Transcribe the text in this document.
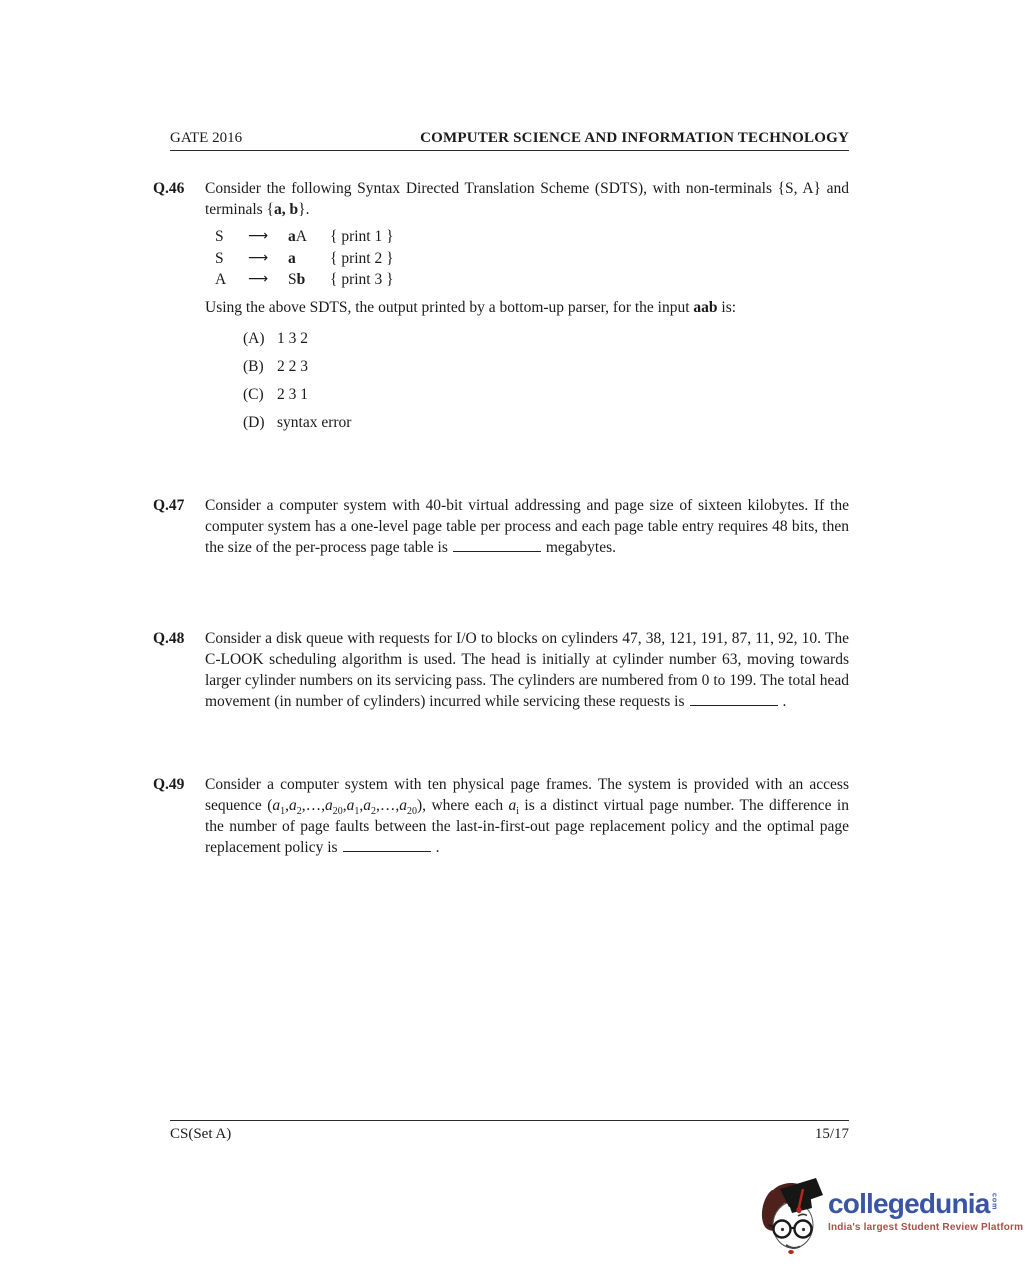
GATE 2016	COMPUTER SCIENCE AND INFORMATION TECHNOLOGY
Q.46	Consider the following Syntax Directed Translation Scheme (SDTS), with non-terminals {S, A} and terminals {a, b}.

S	⟶	aA	{ print 1 }
S	⟶	a	{ print 2 }
A	⟶	Sb	{ print 3 }

Using the above SDTS, the output printed by a bottom-up parser, for the input aab is:

(A) 1 3 2
(B) 2 2 3
(C) 2 3 1
(D) syntax error
Q.47	Consider a computer system with 40-bit virtual addressing and page size of sixteen kilobytes. If the computer system has a one-level page table per process and each page table entry requires 48 bits, then the size of the per-process page table is	megabytes.

Q.48	Consider a disk queue with requests for I/O to blocks on cylinders 47, 38, 121, 191, 87, 11, 92, 10. The C-LOOK scheduling algorithm is used. The head is initially at cylinder number 63, moving towards larger cylinder numbers on its servicing pass. The cylinders are numbered from 0 to 199. The total head movement (in number of cylinders) incurred while servicing these requests is	.

Q.49	Consider a computer system with ten physical page frames. The system is provided with an access sequence $(a_1,a_2,\dots,a_{20},a_1,a_2,\dots,a_{20})$, where each $a_i$ is a distinct virtual page number. The difference in the number of page faults between the last-in-first-out page replacement policy and the optimal page replacement policy is	.

CS(Set A)	15/17
collegedunia com
India's largest Student Review Platform
